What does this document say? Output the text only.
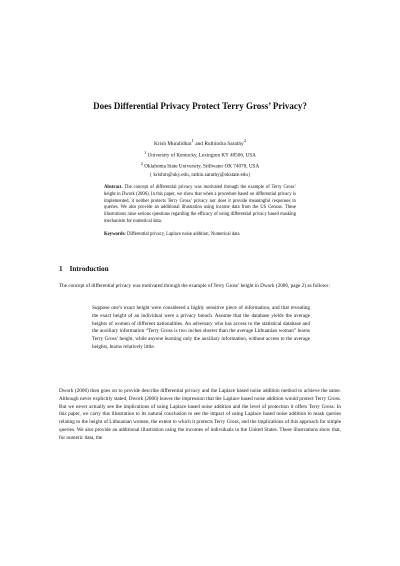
Does Differential Privacy Protect Terry Gross’ Privacy?
Krish Muralidhar$^1$ and Ruthindra Sarathy$^2$
$^1$ University of Kentucky, Lexington KY 40506, USA
$^2$ Oklahoma State University, Stillwater OK 74078, USA
{ krishm@uky.edu, rathin.sarathy@okstate.edu}

Abstract. The concept of differential privacy was motivated through the example of Terry Gross’ height in Dwork (2006). In this paper, we show that when a procedure based on differential privacy is implemented, it neither protects Terry Gross’ privacy nor does it provide meaningful responses to queries. We also provide an additional illustration using income data from the US Census. These illustrations raise serious questions regarding the efficacy of using differential privacy based masking mechanism for numerical data.

Keywords: Differential privacy, Laplace noise addition, Numerical data

1 Introduction

The concept of differential privacy was motivated through the example of Terry Gross’ height in Dwork (2006, page 2) as follows:

Suppose one’s exact height were considered a highly sensitive piece of information, and that revealing the exact height of an individual were a privacy breach. Assume that the database yields the average heights of women of different nationalities. An adversary who has access to the statistical database and the auxiliary information “Terry Gross is two inches shorter than the average Lithuanian woman” learns Terry Gross’ height, while anyone learning only the auxiliary information, without access to the average heights, learns relatively little.

Dwork (2006) then goes on to provide describe differential privacy and the Laplace based noise addition method to achieve the same. Although never explicitly stated, Dwork (2006) leaves the impression that the Laplace based noise addition would protect Terry Gross. But we never actually see the implications of using Laplace based noise addition and the level of protection it offers Terry Gross. In this paper, we carry this illustration to its natural conclusion to see the impact of using Laplace based noise addition to mask queries relating to the height of Lithuanian women, the extent to which it protects Terry Gross, and the implications of this approach for simple queries. We also provide an additional illustration using the incomes of individuals in the United States. These illustrations show that, for numeric data, the
